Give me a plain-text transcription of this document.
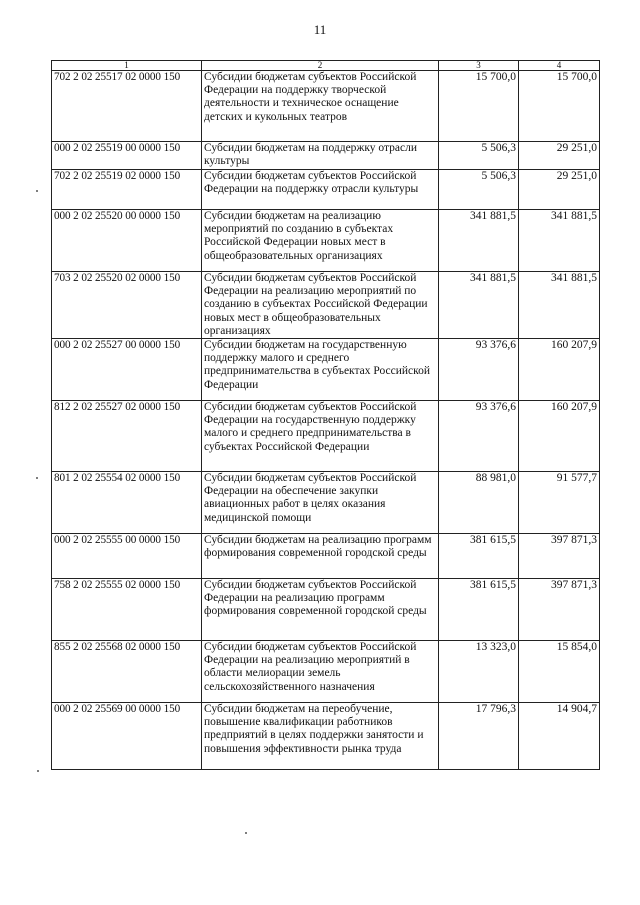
11
1	2	3	4
702 2 02 25517 02 0000 150	Субсидии бюджетам субъектов Российской Федерации на поддержку творческой деятельности и техническое оснащение детских и кукольных театров	15 700,0	15 700,0
000 2 02 25519 00 0000 150	Субсидии бюджетам на поддержку отрасли культуры	5 506,3	29 251,0
702 2 02 25519 02 0000 150	Субсидии бюджетам субъектов Российской Федерации на поддержку отрасли культуры	5 506,3	29 251,0
000 2 02 25520 00 0000 150	Субсидии бюджетам на реализацию мероприятий по созданию в субъектах Российской Федерации новых мест в общеобразовательных организациях	341 881,5	341 881,5
703 2 02 25520 02 0000 150	Субсидии бюджетам субъектов Российской Федерации на реализацию мероприятий по созданию в субъектах Российской Федерации новых мест в общеобразовательных организациях	341 881,5	341 881,5
000 2 02 25527 00 0000 150	Субсидии бюджетам на государственную поддержку малого и среднего предпринимательства в субъектах Российской Федерации	93 376,6	160 207,9
812 2 02 25527 02 0000 150	Субсидии бюджетам субъектов Российской Федерации на государственную поддержку малого и среднего предпринимательства в субъектах Российской Федерации	93 376,6	160 207,9
801 2 02 25554 02 0000 150	Субсидии бюджетам субъектов Российской Федерации на обеспечение закупки авиационных работ в целях оказания медицинской помощи	88 981,0	91 577,7
000 2 02 25555 00 0000 150	Субсидии бюджетам на реализацию программ формирования современной городской среды	381 615,5	397 871,3
758 2 02 25555 02 0000 150	Субсидии бюджетам субъектов Российской Федерации на реализацию программ формирования современной городской среды	381 615,5	397 871,3
855 2 02 25568 02 0000 150	Субсидии бюджетам субъектов Российской Федерации на реализацию мероприятий в области мелиорации земель сельскохозяйственного назначения	13 323,0	15 854,0
000 2 02 25569 00 0000 150	Субсидии бюджетам на переобучение, повышение квалификации работников предприятий в целях поддержки занятости и повышения эффективности рынка труда	17 796,3	14 904,7
